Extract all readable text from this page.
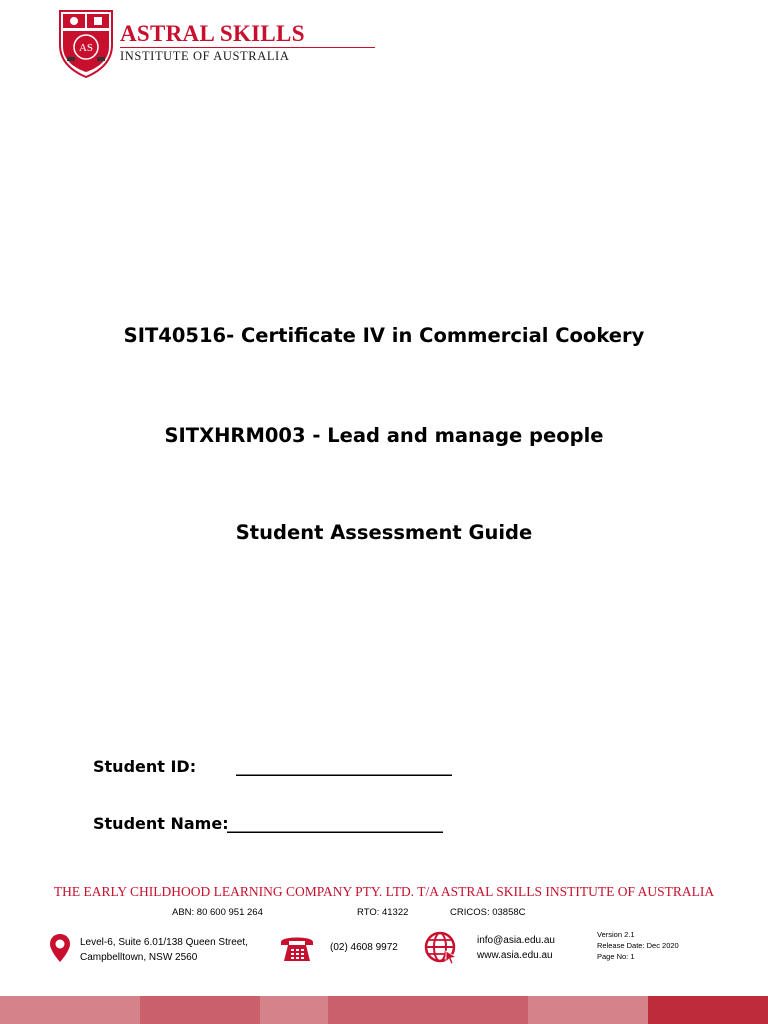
AS

ASTRAL SKILLS

INSTITUTE OF AUSTRALIA

SIT40516- Certificate IV in Commercial Cookery
SITXHRM003 - Lead and manage people
Student Assessment Guide

Student ID: ___________________________

Student Name:
___________________________

THE EARLY CHILDHOOD LEARNING COMPANY PTY. LTD. T/A ASTRAL SKILLS INSTITUTE OF AUSTRALIA

ABN: 80 600 951 264	RTO: 41322	CRICOS: 03858C

Level-6, Suite 6.01/138 Queen Street,

Campbelltown, NSW 2560

(02) 4608 9972

info@asia.edu.au

www.asia.edu.au

Version 2.1

Release Date: Dec 2020

Page No: 1
